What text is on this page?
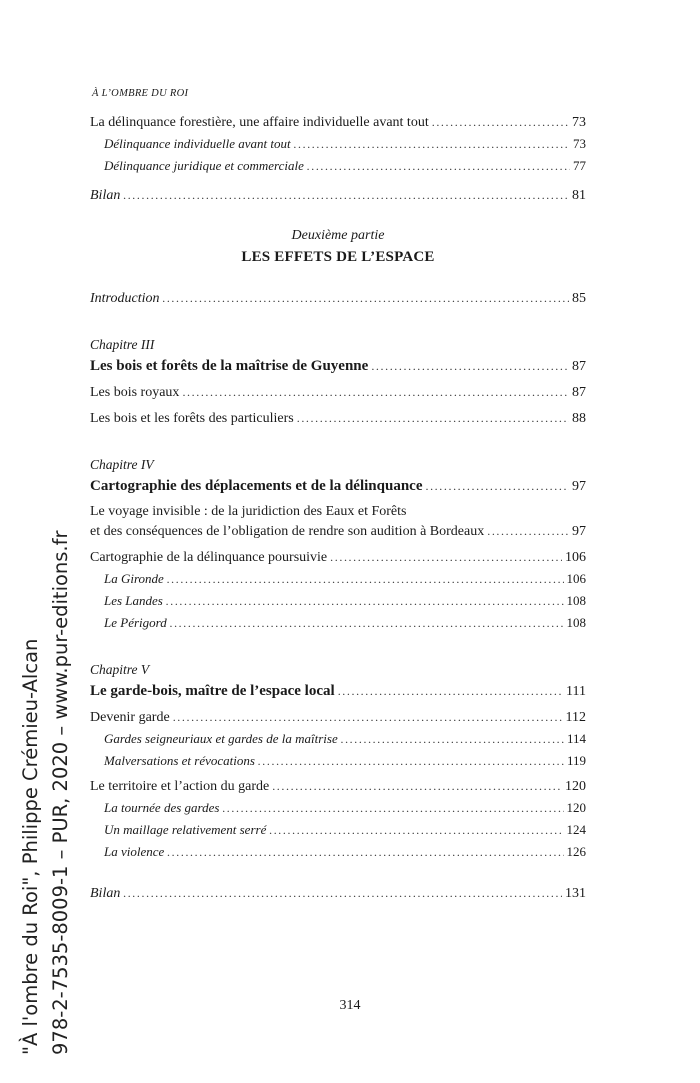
À L’OMBRE DU ROI
La délinquance forestière, une affaire individuelle avant tout .....	73
Délinquance individuelle avant tout .....	73
Délinquance juridique et commerciale .....	77
Bilan .....	81
Deuxième partie
LES EFFETS DE L’ESPACE
Introduction .....	85
Chapitre III
Les bois et forêts de la maîtrise de Guyenne .....	87
Les bois royaux .....	87
Les bois et les forêts des particuliers .....	88
Chapitre IV
Cartographie des déplacements et de la délinquance .....	97
Le voyage invisible : de la juridiction des Eaux et Forêts
et des conséquences de l’obligation de rendre son audition à Bordeaux .....	97
Cartographie de la délinquance poursuivie .....	106
La Gironde .....	106
Les Landes .....	108
Le Périgord .....	108
Chapitre V
Le garde-bois, maître de l’espace local .....	111
Devenir garde .....	112
Gardes seigneuriaux et gardes de la maîtrise .....	114
Malversations et révocations .....	119
Le territoire et l’action du garde .....	120
La tournée des gardes .....	120
Un maillage relativement serré .....	124
La violence .....	126
Bilan .....	131
314
"À l'ombre du Roi", Philippe Crémieu-Alcan 978-2-7535-8009-1 – PUR, 2020 – www.pur-editions.fr
